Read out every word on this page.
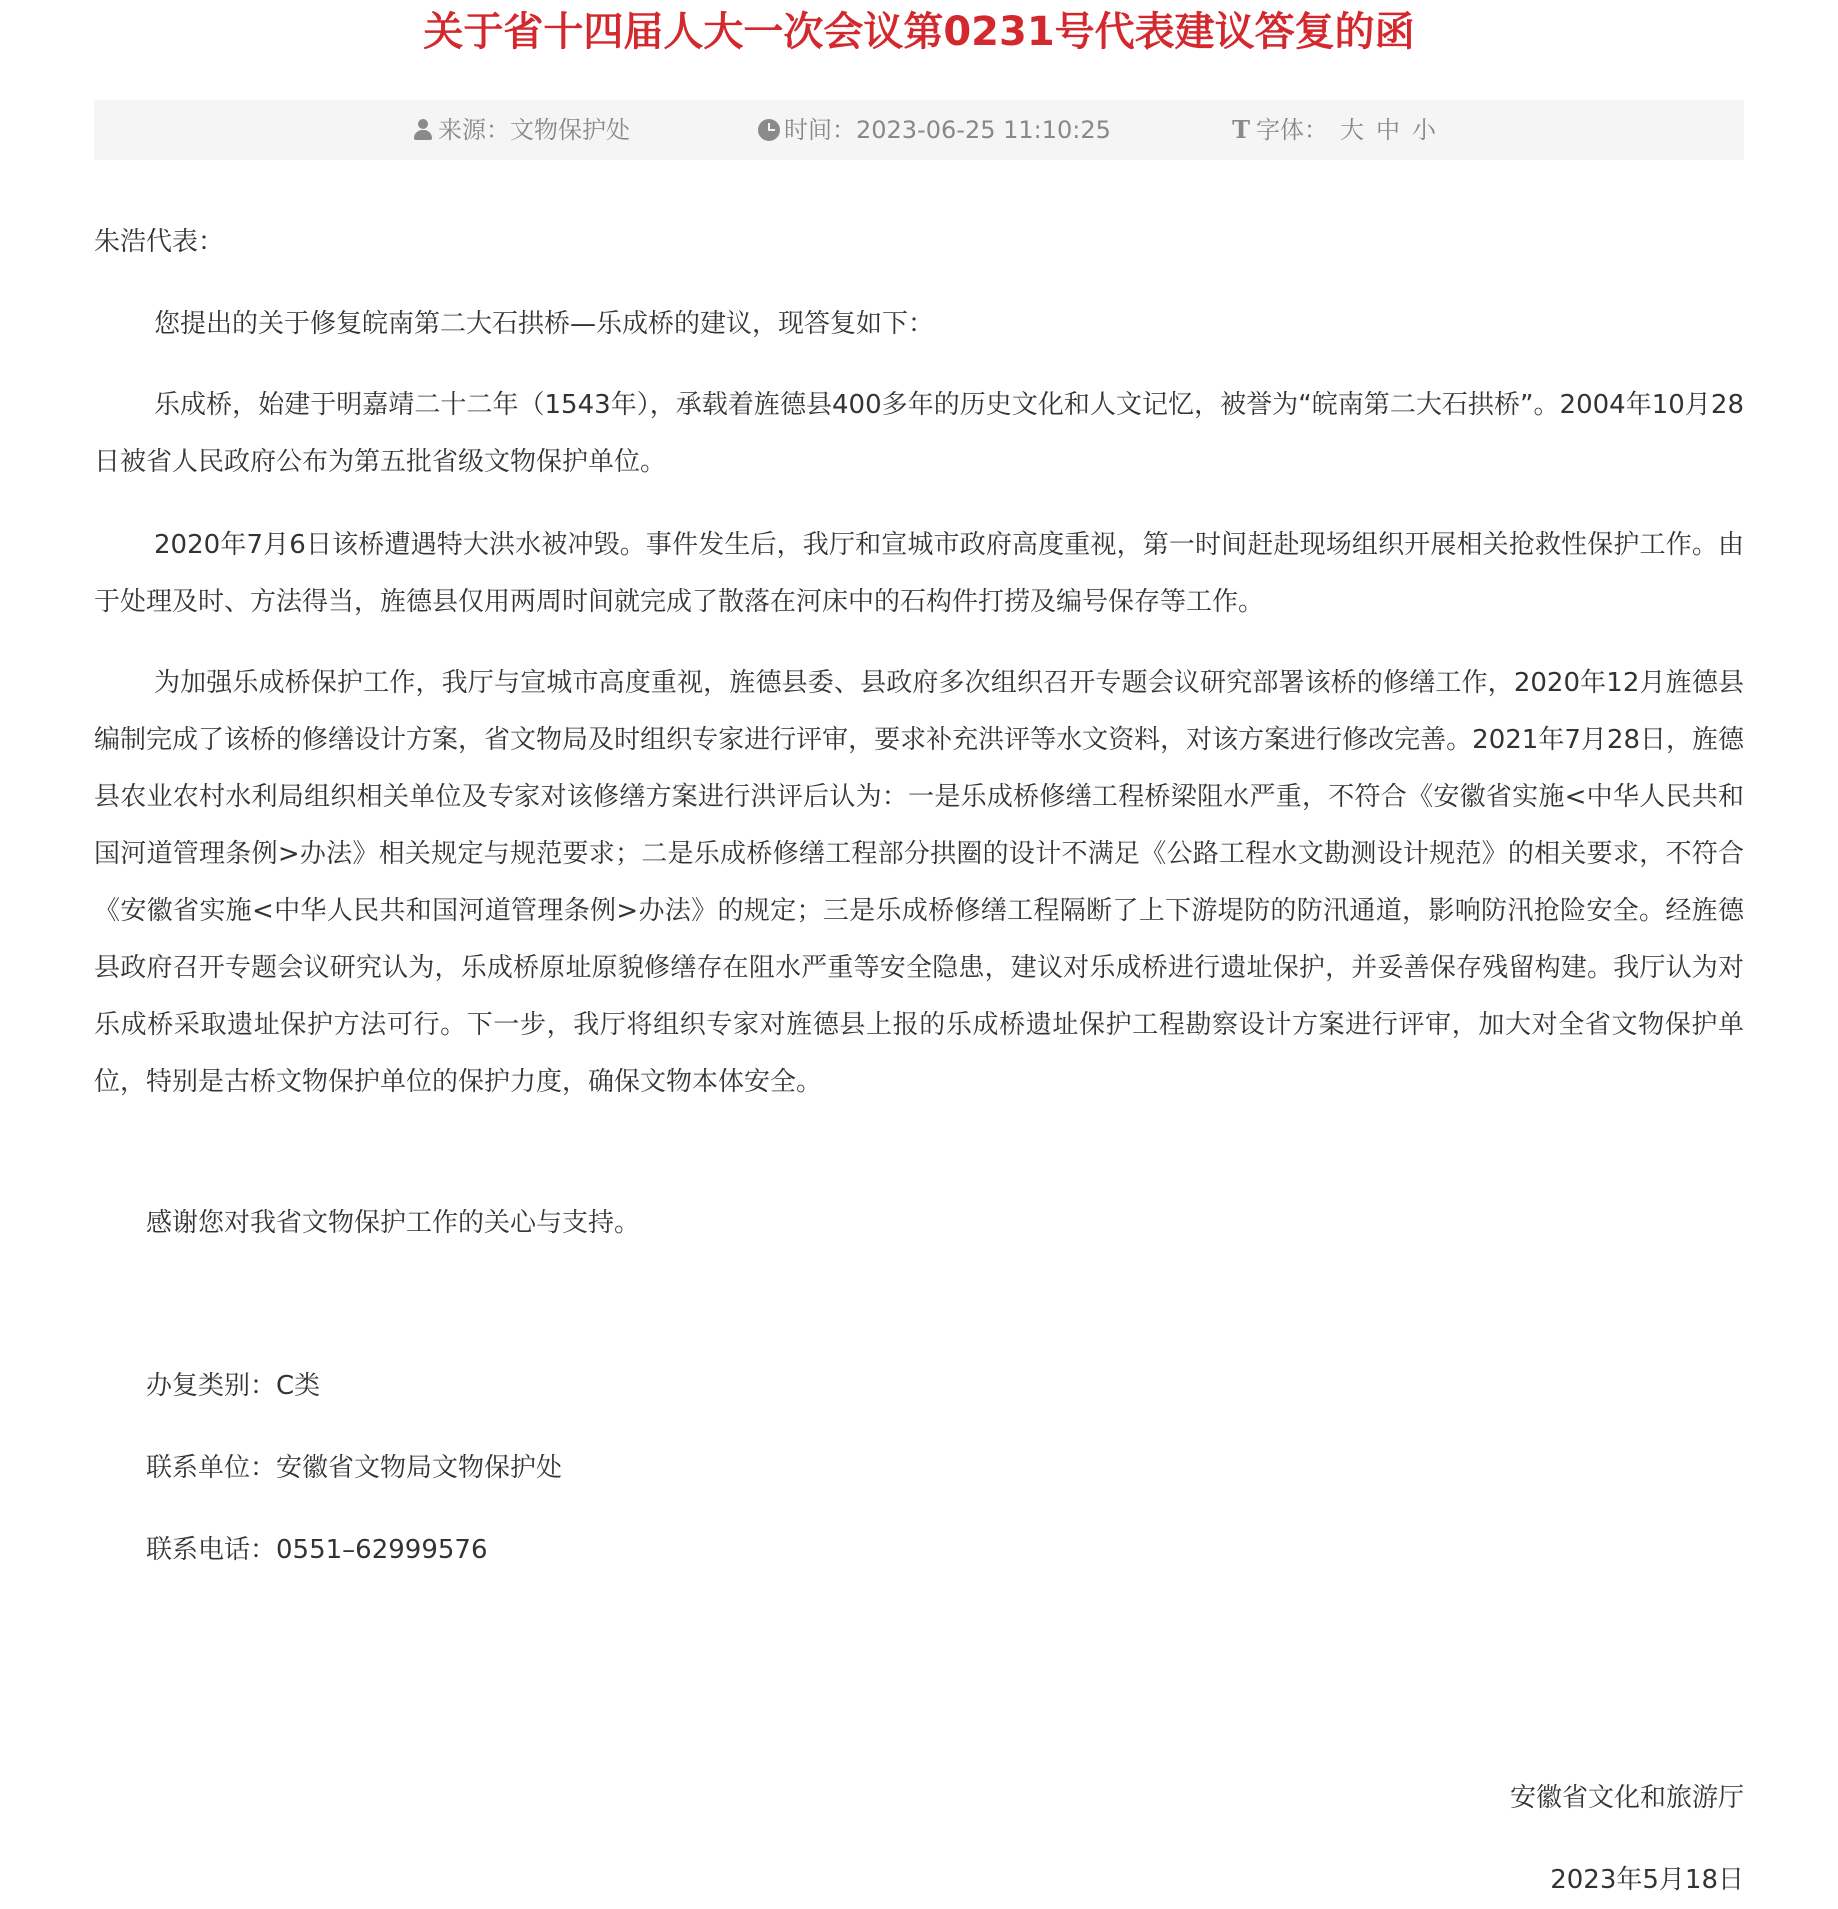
关于省十四届人大一次会议第0231号代表建议答复的函
来源： 文物保护处	时间： 2023-06-25 11:10:25	T 字体： 大 中 小
朱浩代表：

您提出的关于修复皖南第二大石拱桥—乐成桥的建议，现答复如下：

乐成桥，始建于明嘉靖二十二年（1543年），承载着旌德县400多年的历史文化和人文记忆，被誉为“皖南第二大石拱桥”。2004年10月28日被省人民政府公布为第五批省级文物保护单位。

2020年7月6日该桥遭遇特大洪水被冲毁。事件发生后，我厅和宣城市政府高度重视，第一时间赶赴现场组织开展相关抢救性保护工作。由于处理及时、方法得当，旌德县仅用两周时间就完成了散落在河床中的石构件打捞及编号保存等工作。

为加强乐成桥保护工作，我厅与宣城市高度重视，旌德县委、县政府多次组织召开专题会议研究部署该桥的修缮工作，2020年12月旌德县编制完成了该桥的修缮设计方案，省文物局及时组织专家进行评审，要求补充洪评等水文资料，对该方案进行修改完善。2021年7月28日，旌德县农业农村水利局组织相关单位及专家对该修缮方案进行洪评后认为：一是乐成桥修缮工程桥梁阻水严重，不符合《安徽省实施<中华人民共和国河道管理条例>办法》相关规定与规范要求；二是乐成桥修缮工程部分拱圈的设计不满足《公路工程水文勘测设计规范》的相关要求，不符合《安徽省实施<中华人民共和国河道管理条例>办法》的规定；三是乐成桥修缮工程隔断了上下游堤防的防汛通道，影响防汛抢险安全。经旌德县政府召开专题会议研究认为，乐成桥原址原貌修缮存在阻水严重等安全隐患，建议对乐成桥进行遗址保护，并妥善保存残留构建。我厅认为对乐成桥采取遗址保护方法可行。下一步，我厅将组织专家对旌德县上报的乐成桥遗址保护工程勘察设计方案进行评审，加大对全省文物保护单位，特别是古桥文物保护单位的保护力度，确保文物本体安全。

感谢您对我省文物保护工作的关心与支持。

办复类别：C类
联系单位：安徽省文物局文物保护处
联系电话：0551–62999576
安徽省文化和旅游厅
2023年5月18日
